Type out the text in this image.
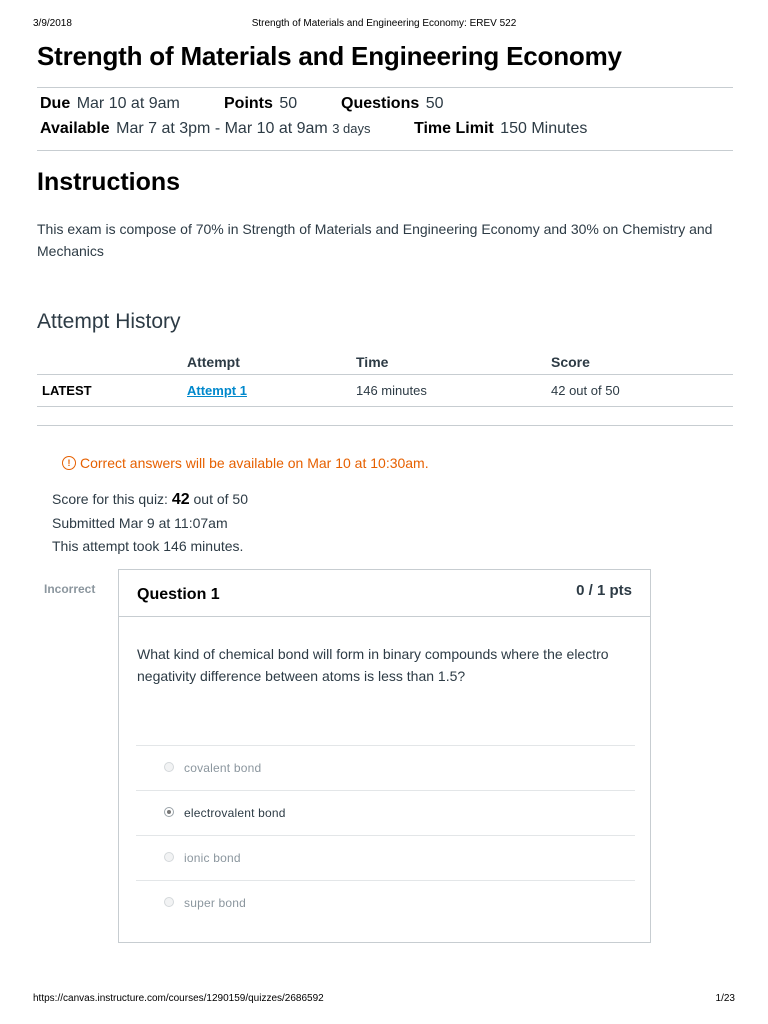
3/9/2018	Strength of Materials and Engineering Economy: EREV 522
Strength of Materials and Engineering Economy
Due Mar 10 at 9am	Points 50	Questions 50
Available Mar 7 at 3pm - Mar 10 at 9am 3 days	Time Limit 150 Minutes
Instructions

This exam is compose of 70% in Strength of Materials and Engineering Economy and 30% on Chemistry and Mechanics

Attempt History
	Attempt	Time	Score
LATEST	Attempt 1	146 minutes	42 out of 50
! Correct answers will be available on Mar 10 at 10:30am.
Score for this quiz: 42 out of 50
Submitted Mar 9 at 11:07am
This attempt took 146 minutes.
Incorrect	Question 1	0 / 1 pts
What kind of chemical bond will form in binary compounds where the electro negativity difference between atoms is less than 1.5?
covalent bond
electrovalent bond
ionic bond
super bond
https://canvas.instructure.com/courses/1290159/quizzes/2686592	1/23
